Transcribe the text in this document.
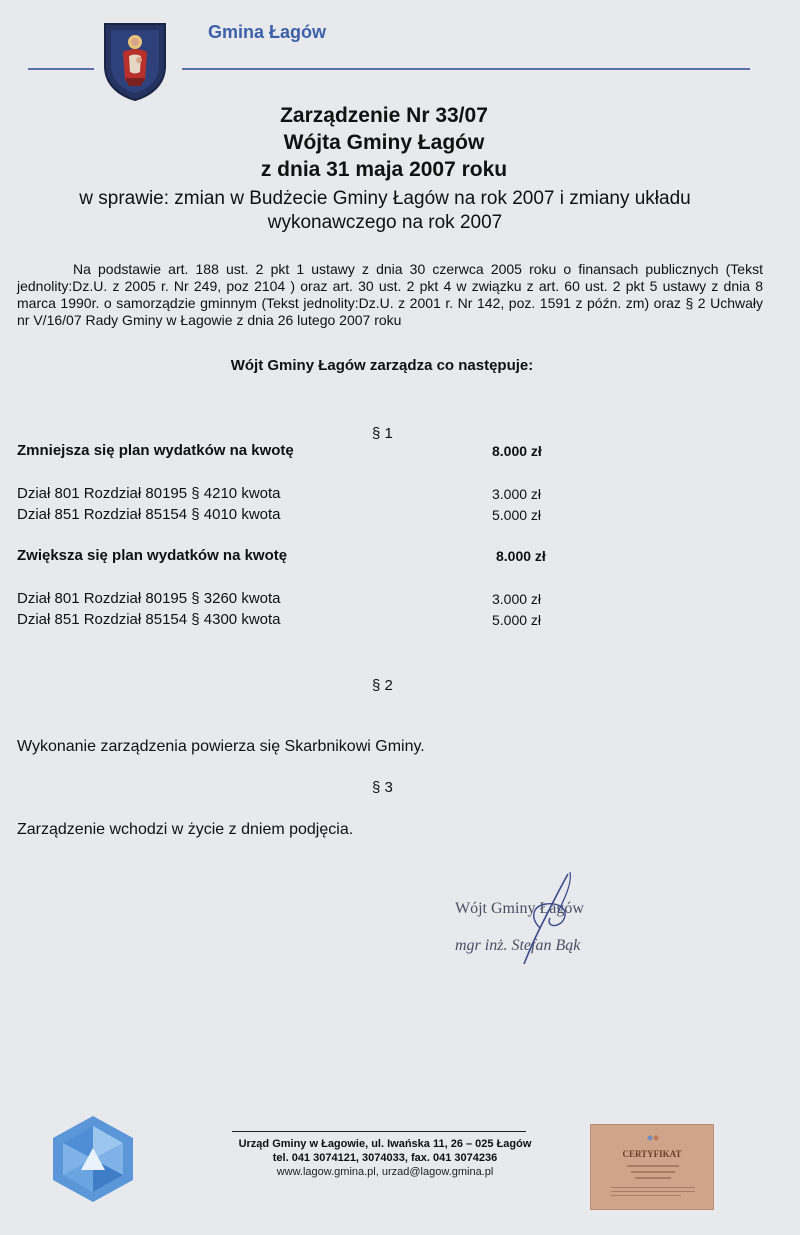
Gmina Łagów
Zarządzenie Nr 33/07
Wójta Gminy Łagów
z dnia 31 maja 2007 roku
w sprawie: zmian w Budżecie Gminy Łagów na rok 2007 i zmiany układu
wykonawczego na rok 2007
Na podstawie art. 188 ust. 2 pkt 1 ustawy z dnia 30 czerwca 2005 roku o finansach publicznych (Tekst jednolity:Dz.U. z 2005 r. Nr 249, poz 2104 ) oraz art. 30 ust. 2 pkt 4 w związku z art. 60 ust. 2 pkt 5 ustawy z dnia 8 marca 1990r. o samorządzie gminnym (Tekst jednolity:Dz.U. z 2001 r. Nr 142, poz. 1591 z późn. zm) oraz § 2 Uchwały nr V/16/07 Rady Gminy w Łagowie z dnia 26 lutego 2007 roku
Wójt Gminy Łagów zarządza co następuje:
§ 1
Zmniejsza się plan wydatków na kwotę	8.000 zł
Dział 801 Rozdział 80195 § 4210 kwota	3.000 zł
Dział 851 Rozdział 85154 § 4010 kwota	5.000 zł
Zwiększa się plan wydatków na kwotę	8.000 zł
Dział 801 Rozdział 80195 § 3260 kwota	3.000 zł
Dział 851 Rozdział 85154 § 4300 kwota	5.000 zł
§ 2
Wykonanie zarządzenia powierza się Skarbnikowi Gminy.
§ 3
Zarządzenie wchodzi w życie z dniem podjęcia.
Wójt Gminy Łagów
mgr inż. Stefan Bąk
Urząd Gminy w Łagowie, ul. Iwańska 11, 26 – 025 Łagów
tel. 041 3074121, 3074033, fax. 041 3074236
www.lagow.gmina.pl, urzad@lagow.gmina.pl
CERTYFIKAT
